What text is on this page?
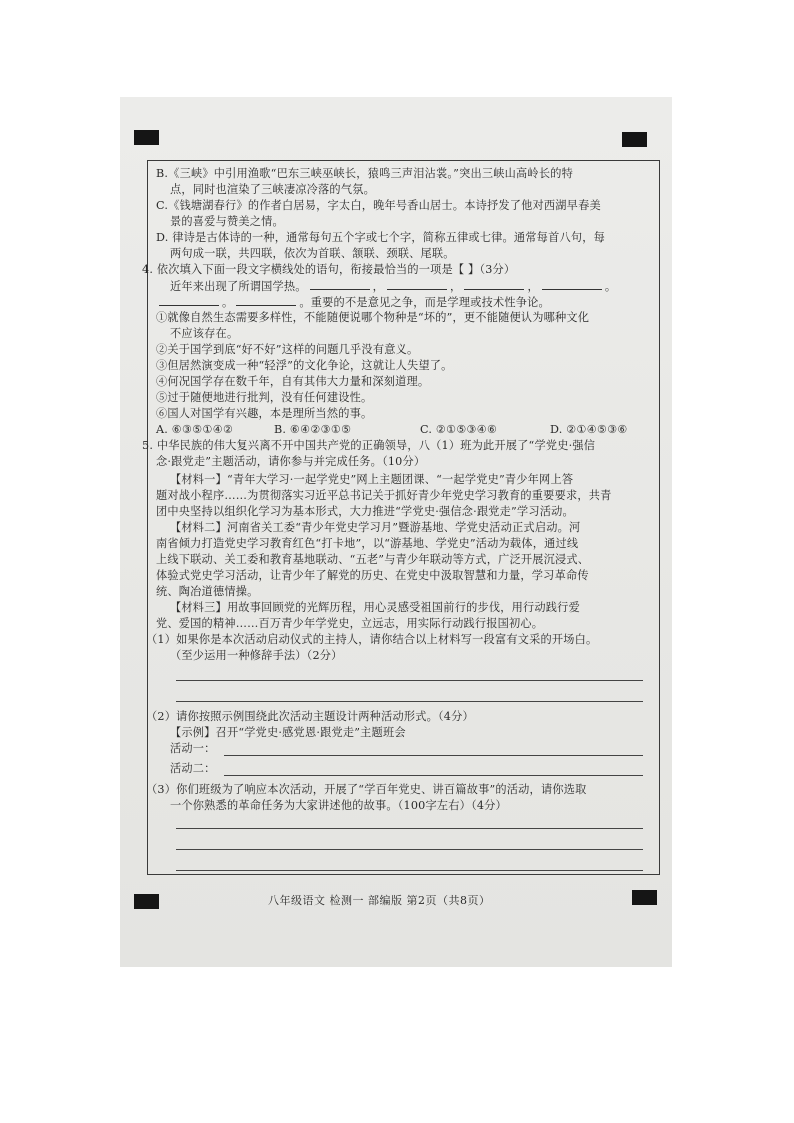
B.《三峡》中引用渔歌“巴东三峡巫峡长，猿鸣三声泪沾裳。”突出三峡山高岭长的特
点，同时也渲染了三峡凄凉冷落的气氛。
C.《钱塘湖春行》的作者白居易，字太白，晚年号香山居士。本诗抒发了他对西湖早春美
景的喜爱与赞美之情。
D. 律诗是古体诗的一种，通常每句五个字或七个字，简称五律或七律。通常每首八句，每
两句成一联，共四联，依次为首联、颔联、颈联、尾联。
4. 依次填入下面一段文字横线处的语句，衔接最恰当的一项是【 】（3分）
近年来出现了所谓国学热。	，	，	，	。
。	。重要的不是意见之争，而是学理或技术性争论。
①就像自然生态需要多样性，不能随便说哪个物种是“坏的”，更不能随便认为哪种文化
不应该存在。
②关于国学到底“好不好”这样的问题几乎没有意义。
③但居然演变成一种“轻浮”的文化争论，这就让人失望了。
④何况国学存在数千年，自有其伟大力量和深刻道理。
⑤过于随便地进行批判，没有任何建设性。
⑥国人对国学有兴趣，本是理所当然的事。
A. ⑥③⑤①④②	B. ⑥④②③①⑤	C. ②①⑤③④⑥	D. ②①④⑤③⑥
5. 中华民族的伟大复兴离不开中国共产党的正确领导，八（1）班为此开展了“学党史·强信
念·跟党走”主题活动，请你参与并完成任务。（10分）
【材料一】“青年大学习·一起学党史”网上主题团课、“一起学党史”青少年网上答
题对战小程序……为贯彻落实习近平总书记关于抓好青少年党史学习教育的重要要求，共青
团中央坚持以组织化学习为基本形式，大力推进“学党史·强信念·跟党走”学习活动。
【材料二】河南省关工委“青少年党史学习月”暨游基地、学党史活动正式启动。河
南省倾力打造党史学习教育红色“打卡地”，以“游基地、学党史”活动为载体，通过线
上线下联动、关工委和教育基地联动、“五老”与青少年联动等方式，广泛开展沉浸式、
体验式党史学习活动，让青少年了解党的历史、在党史中汲取智慧和力量，学习革命传
统、陶冶道德情操。
【材料三】用故事回顾党的光辉历程，用心灵感受祖国前行的步伐，用行动践行爱
党、爱国的精神……百万青少年学党史，立远志，用实际行动践行报国初心。
（1）如果你是本次活动启动仪式的主持人，请你结合以上材料写一段富有文采的开场白。
（至少运用一种修辞手法）（2分）
（2）请你按照示例围绕此次活动主题设计两种活动形式。（4分）
【示例】召开“学党史·感党恩·跟党走”主题班会
活动一：
活动二：
（3）你们班级为了响应本次活动，开展了“学百年党史、讲百篇故事”的活动，请你选取
一个你熟悉的革命任务为大家讲述他的故事。（100字左右）（4分）
八年级语文 检测一 部编版 第2页（共8页）
